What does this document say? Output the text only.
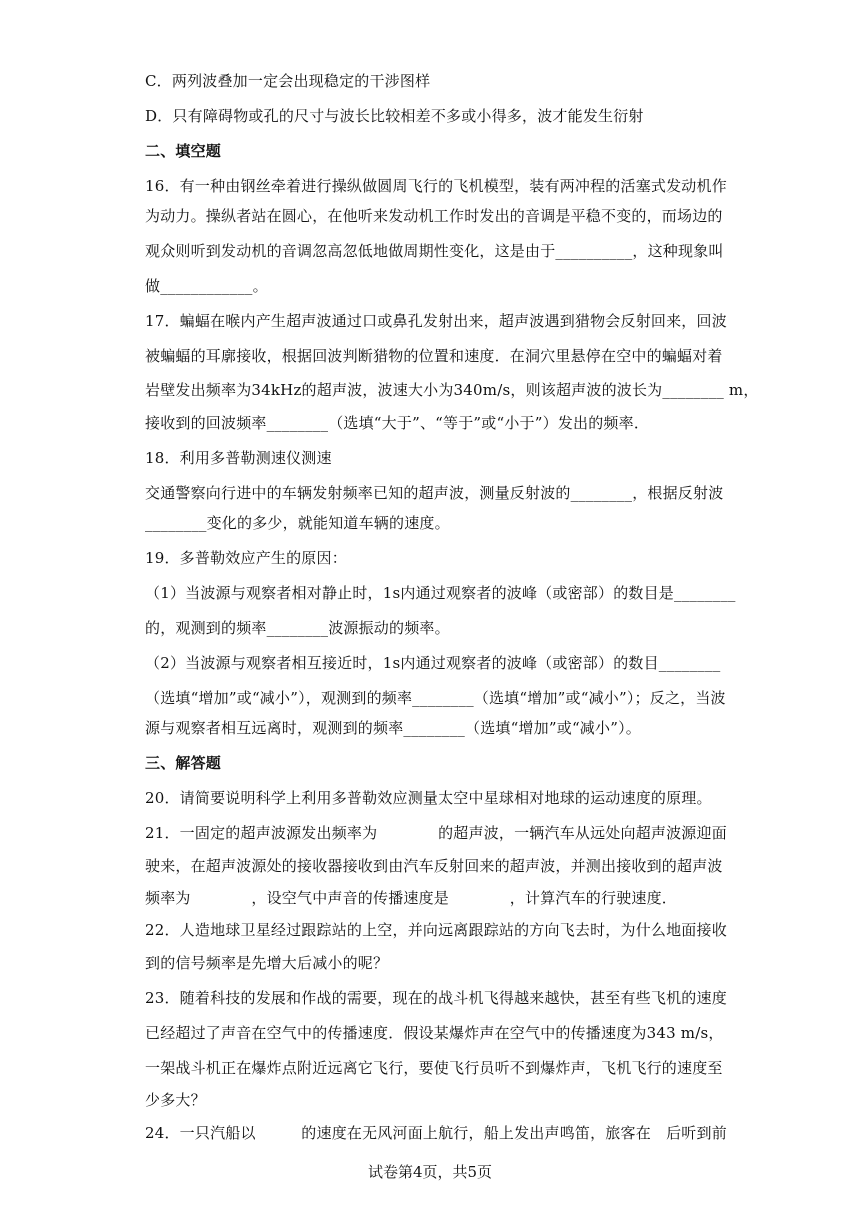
C．两列波叠加一定会出现稳定的干涉图样
D．只有障碍物或孔的尺寸与波长比较相差不多或小得多，波才能发生衍射
二、填空题
16．有一种由钢丝牵着进行操纵做圆周飞行的飞机模型，装有两冲程的活塞式发动机作
为动力。操纵者站在圆心，在他听来发动机工作时发出的音调是平稳不变的，而场边的
观众则听到发动机的音调忽高忽低地做周期性变化，这是由于__________，这种现象叫
做____________。
17．蝙蝠在喉内产生超声波通过口或鼻孔发射出来，超声波遇到猎物会反射回来，回波
被蝙蝠的耳廓接收，根据回波判断猎物的位置和速度．在洞穴里悬停在空中的蝙蝠对着
岩壁发出频率为34kHz的超声波，波速大小为340m/s，则该超声波的波长为________ m，
接收到的回波频率________（选填“大于”、“等于”或“小于”）发出的频率．
18．利用多普勒测速仪测速
交通警察向行进中的车辆发射频率已知的超声波，测量反射波的________，根据反射波
________变化的多少，就能知道车辆的速度。
19．多普勒效应产生的原因：
（1）当波源与观察者相对静止时，1s内通过观察者的波峰（或密部）的数目是________
的，观测到的频率________波源振动的频率。
（2）当波源与观察者相互接近时，1s内通过观察者的波峰（或密部）的数目________
（选填“增加”或“减小”），观测到的频率________（选填“增加”或“减小”）；反之，当波
源与观察者相互远离时，观测到的频率________（选填“增加”或“减小”）。
三、解答题
20．请简要说明科学上利用多普勒效应测量太空中星球相对地球的运动速度的原理。
21．一固定的超声波源发出频率为　　　　的超声波，一辆汽车从远处向超声波源迎面
驶来，在超声波源处的接收器接收到由汽车反射回来的超声波，并测出接收到的超声波
频率为　　　　，设空气中声音的传播速度是　　　　，计算汽车的行驶速度．
22．人造地球卫星经过跟踪站的上空，并向远离跟踪站的方向飞去时，为什么地面接收
到的信号频率是先增大后减小的呢？
23．随着科技的发展和作战的需要，现在的战斗机飞得越来越快，甚至有些飞机的速度
已经超过了声音在空气中的传播速度．假设某爆炸声在空气中的传播速度为343 m/s，
一架战斗机正在爆炸点附近远离它飞行，要使飞行员听不到爆炸声，飞机飞行的速度至
少多大？
24．一只汽船以　　　的速度在无风河面上航行，船上发出声鸣笛，旅客在　后听到前
试卷第4页，共5页
